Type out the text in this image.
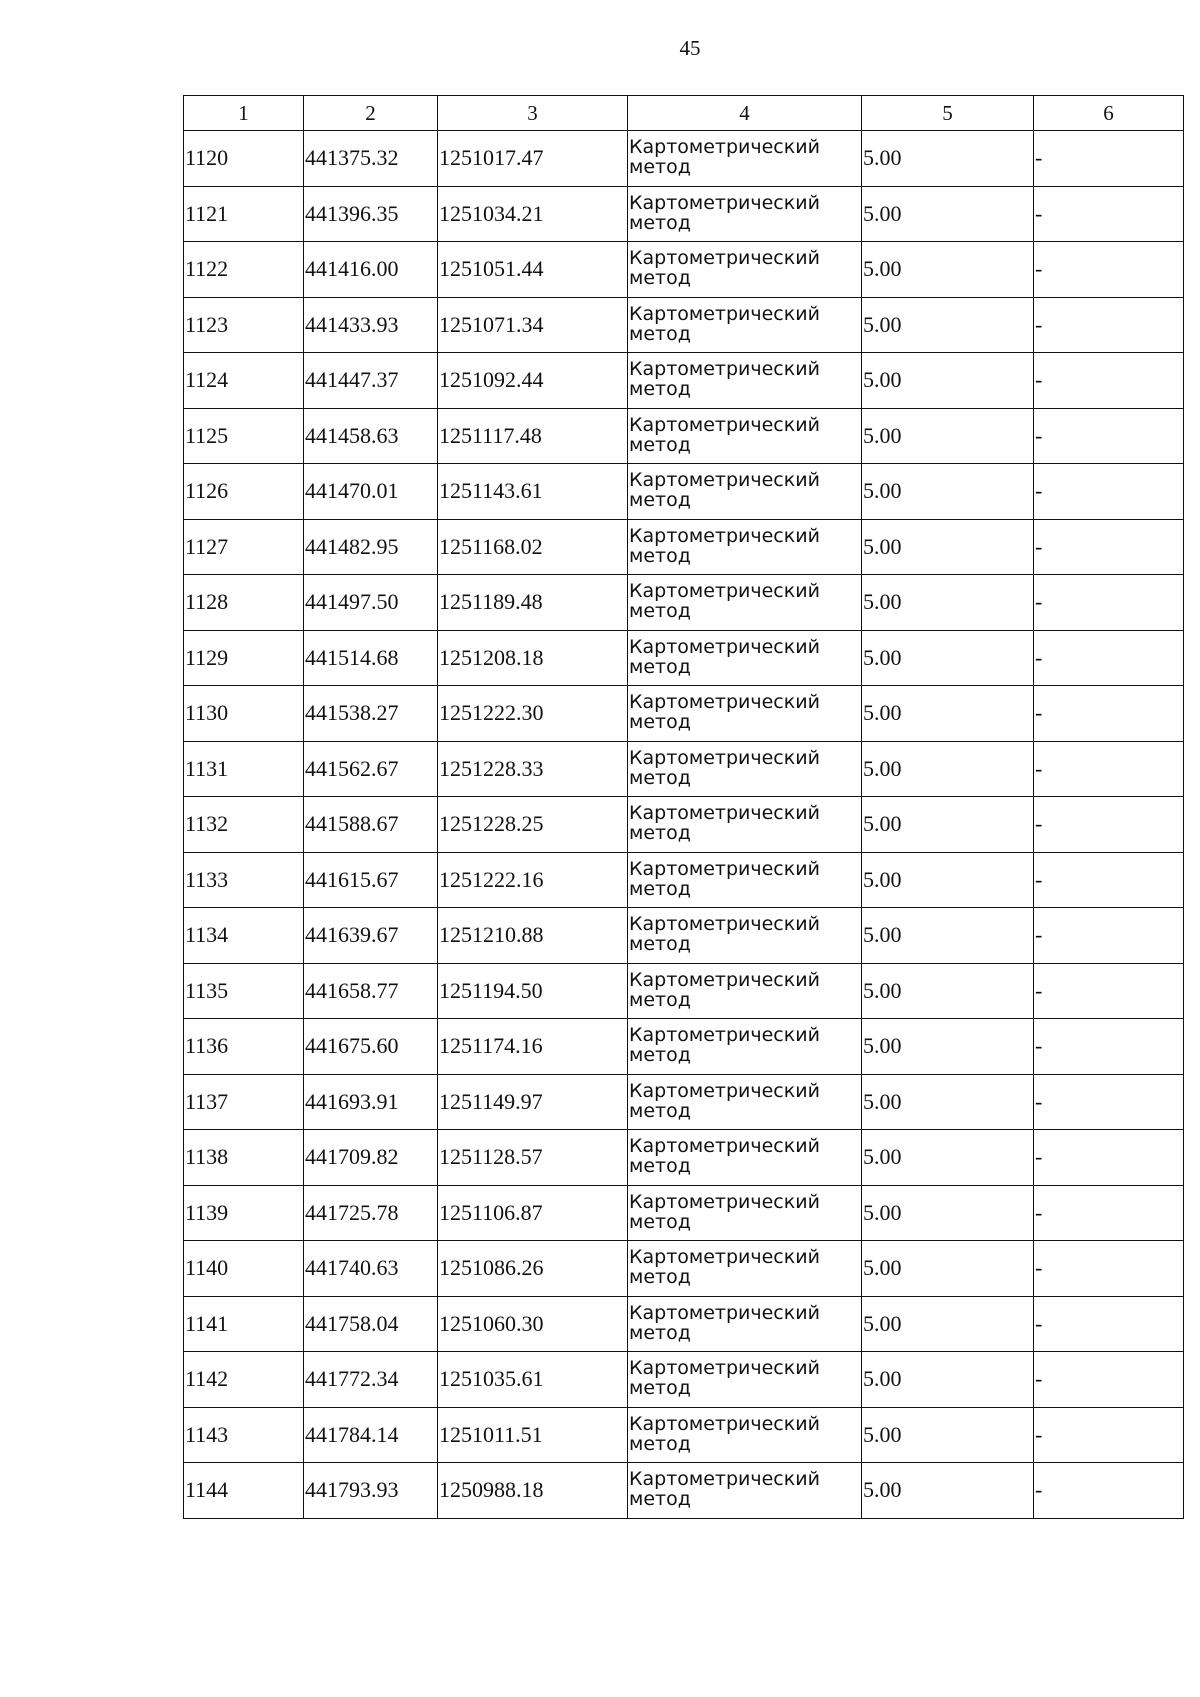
45
1	2	3	4	5	6
1120	441375.32	1251017.47	Картометрический метод	5.00	-
1121	441396.35	1251034.21	Картометрический метод	5.00	-
1122	441416.00	1251051.44	Картометрический метод	5.00	-
1123	441433.93	1251071.34	Картометрический метод	5.00	-
1124	441447.37	1251092.44	Картометрический метод	5.00	-
1125	441458.63	1251117.48	Картометрический метод	5.00	-
1126	441470.01	1251143.61	Картометрический метод	5.00	-
1127	441482.95	1251168.02	Картометрический метод	5.00	-
1128	441497.50	1251189.48	Картометрический метод	5.00	-
1129	441514.68	1251208.18	Картометрический метод	5.00	-
1130	441538.27	1251222.30	Картометрический метод	5.00	-
1131	441562.67	1251228.33	Картометрический метод	5.00	-
1132	441588.67	1251228.25	Картометрический метод	5.00	-
1133	441615.67	1251222.16	Картометрический метод	5.00	-
1134	441639.67	1251210.88	Картометрический метод	5.00	-
1135	441658.77	1251194.50	Картометрический метод	5.00	-
1136	441675.60	1251174.16	Картометрический метод	5.00	-
1137	441693.91	1251149.97	Картометрический метод	5.00	-
1138	441709.82	1251128.57	Картометрический метод	5.00	-
1139	441725.78	1251106.87	Картометрический метод	5.00	-
1140	441740.63	1251086.26	Картометрический метод	5.00	-
1141	441758.04	1251060.30	Картометрический метод	5.00	-
1142	441772.34	1251035.61	Картометрический метод	5.00	-
1143	441784.14	1251011.51	Картометрический метод	5.00	-
1144	441793.93	1250988.18	Картометрический метод	5.00	-
